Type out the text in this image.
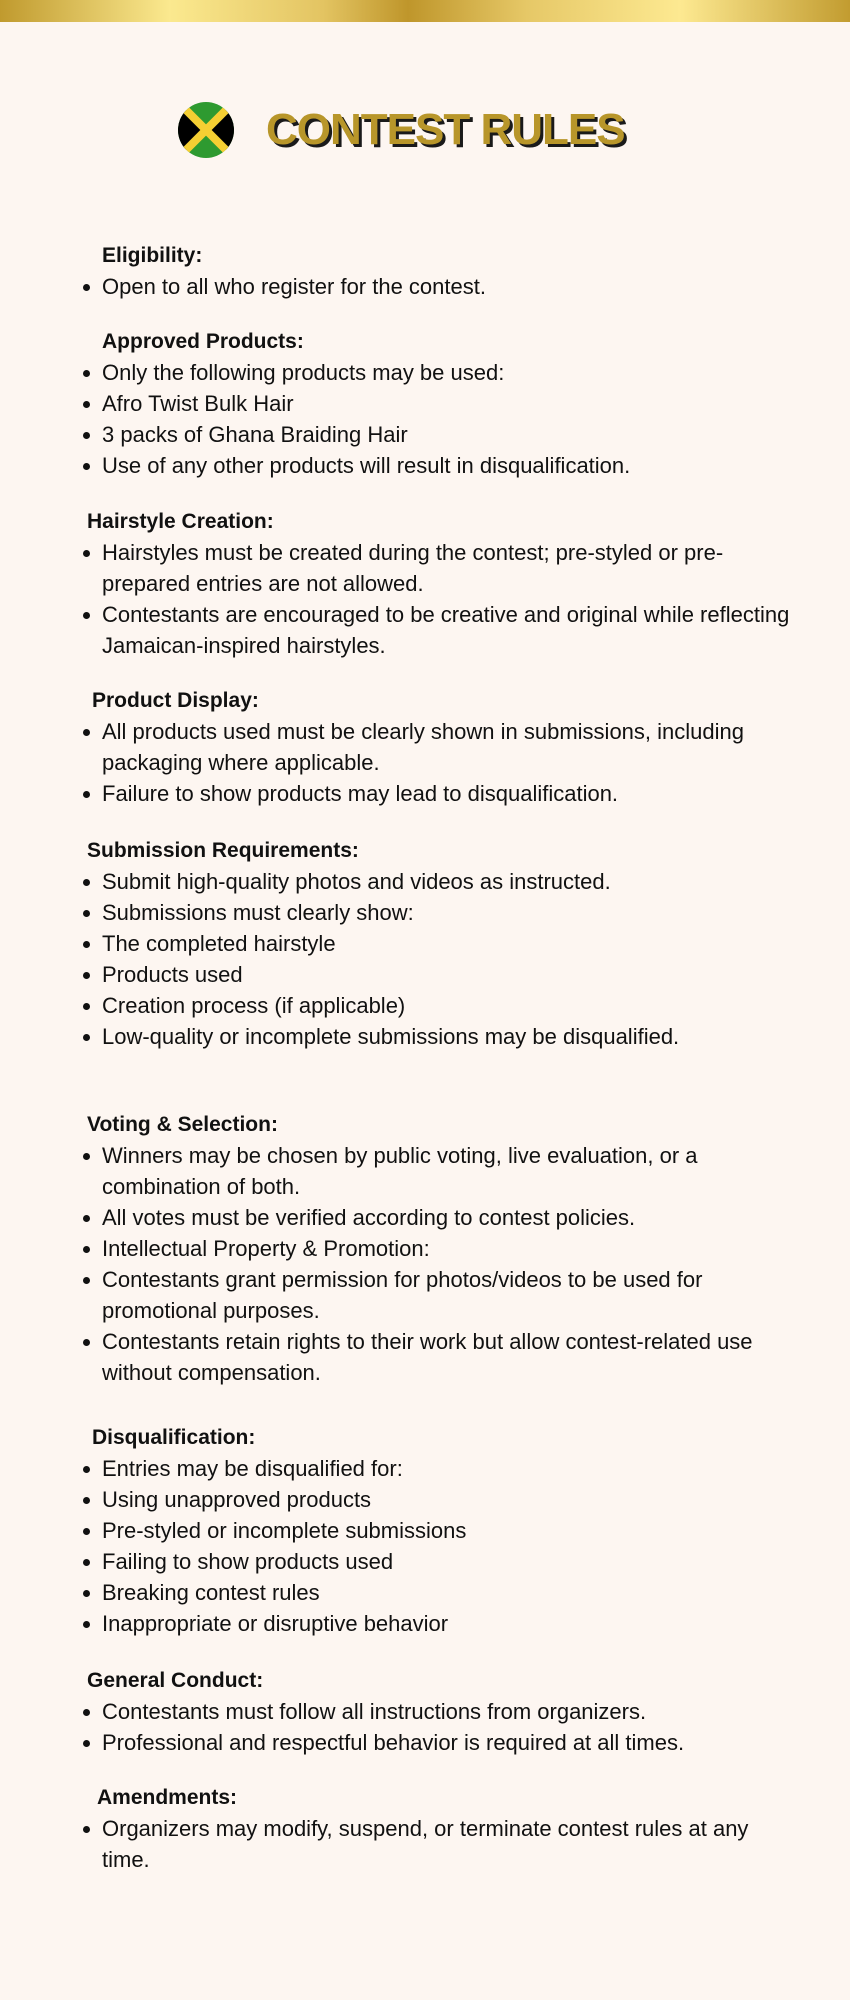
CONTEST RULES
Eligibility:
Open to all who register for the contest.
Approved Products:
Only the following products may be used:
Afro Twist Bulk Hair
3 packs of Ghana Braiding Hair
Use of any other products will result in disqualification.
Hairstyle Creation:
Hairstyles must be created during the contest; pre-styled or pre-prepared entries are not allowed.
Contestants are encouraged to be creative and original while reflecting Jamaican-inspired hairstyles.
Product Display:
All products used must be clearly shown in submissions, including packaging where applicable.
Failure to show products may lead to disqualification.
Submission Requirements:
Submit high-quality photos and videos as instructed.
Submissions must clearly show:
The completed hairstyle
Products used
Creation process (if applicable)
Low-quality or incomplete submissions may be disqualified.
Voting & Selection:
Winners may be chosen by public voting, live evaluation, or a combination of both.
All votes must be verified according to contest policies.
Intellectual Property & Promotion:
Contestants grant permission for photos/videos to be used for promotional purposes.
Contestants retain rights to their work but allow contest-related use without compensation.
Disqualification:
Entries may be disqualified for:
Using unapproved products
Pre-styled or incomplete submissions
Failing to show products used
Breaking contest rules
Inappropriate or disruptive behavior
General Conduct:
Contestants must follow all instructions from organizers.
Professional and respectful behavior is required at all times.
Amendments:
Organizers may modify, suspend, or terminate contest rules at any time.
